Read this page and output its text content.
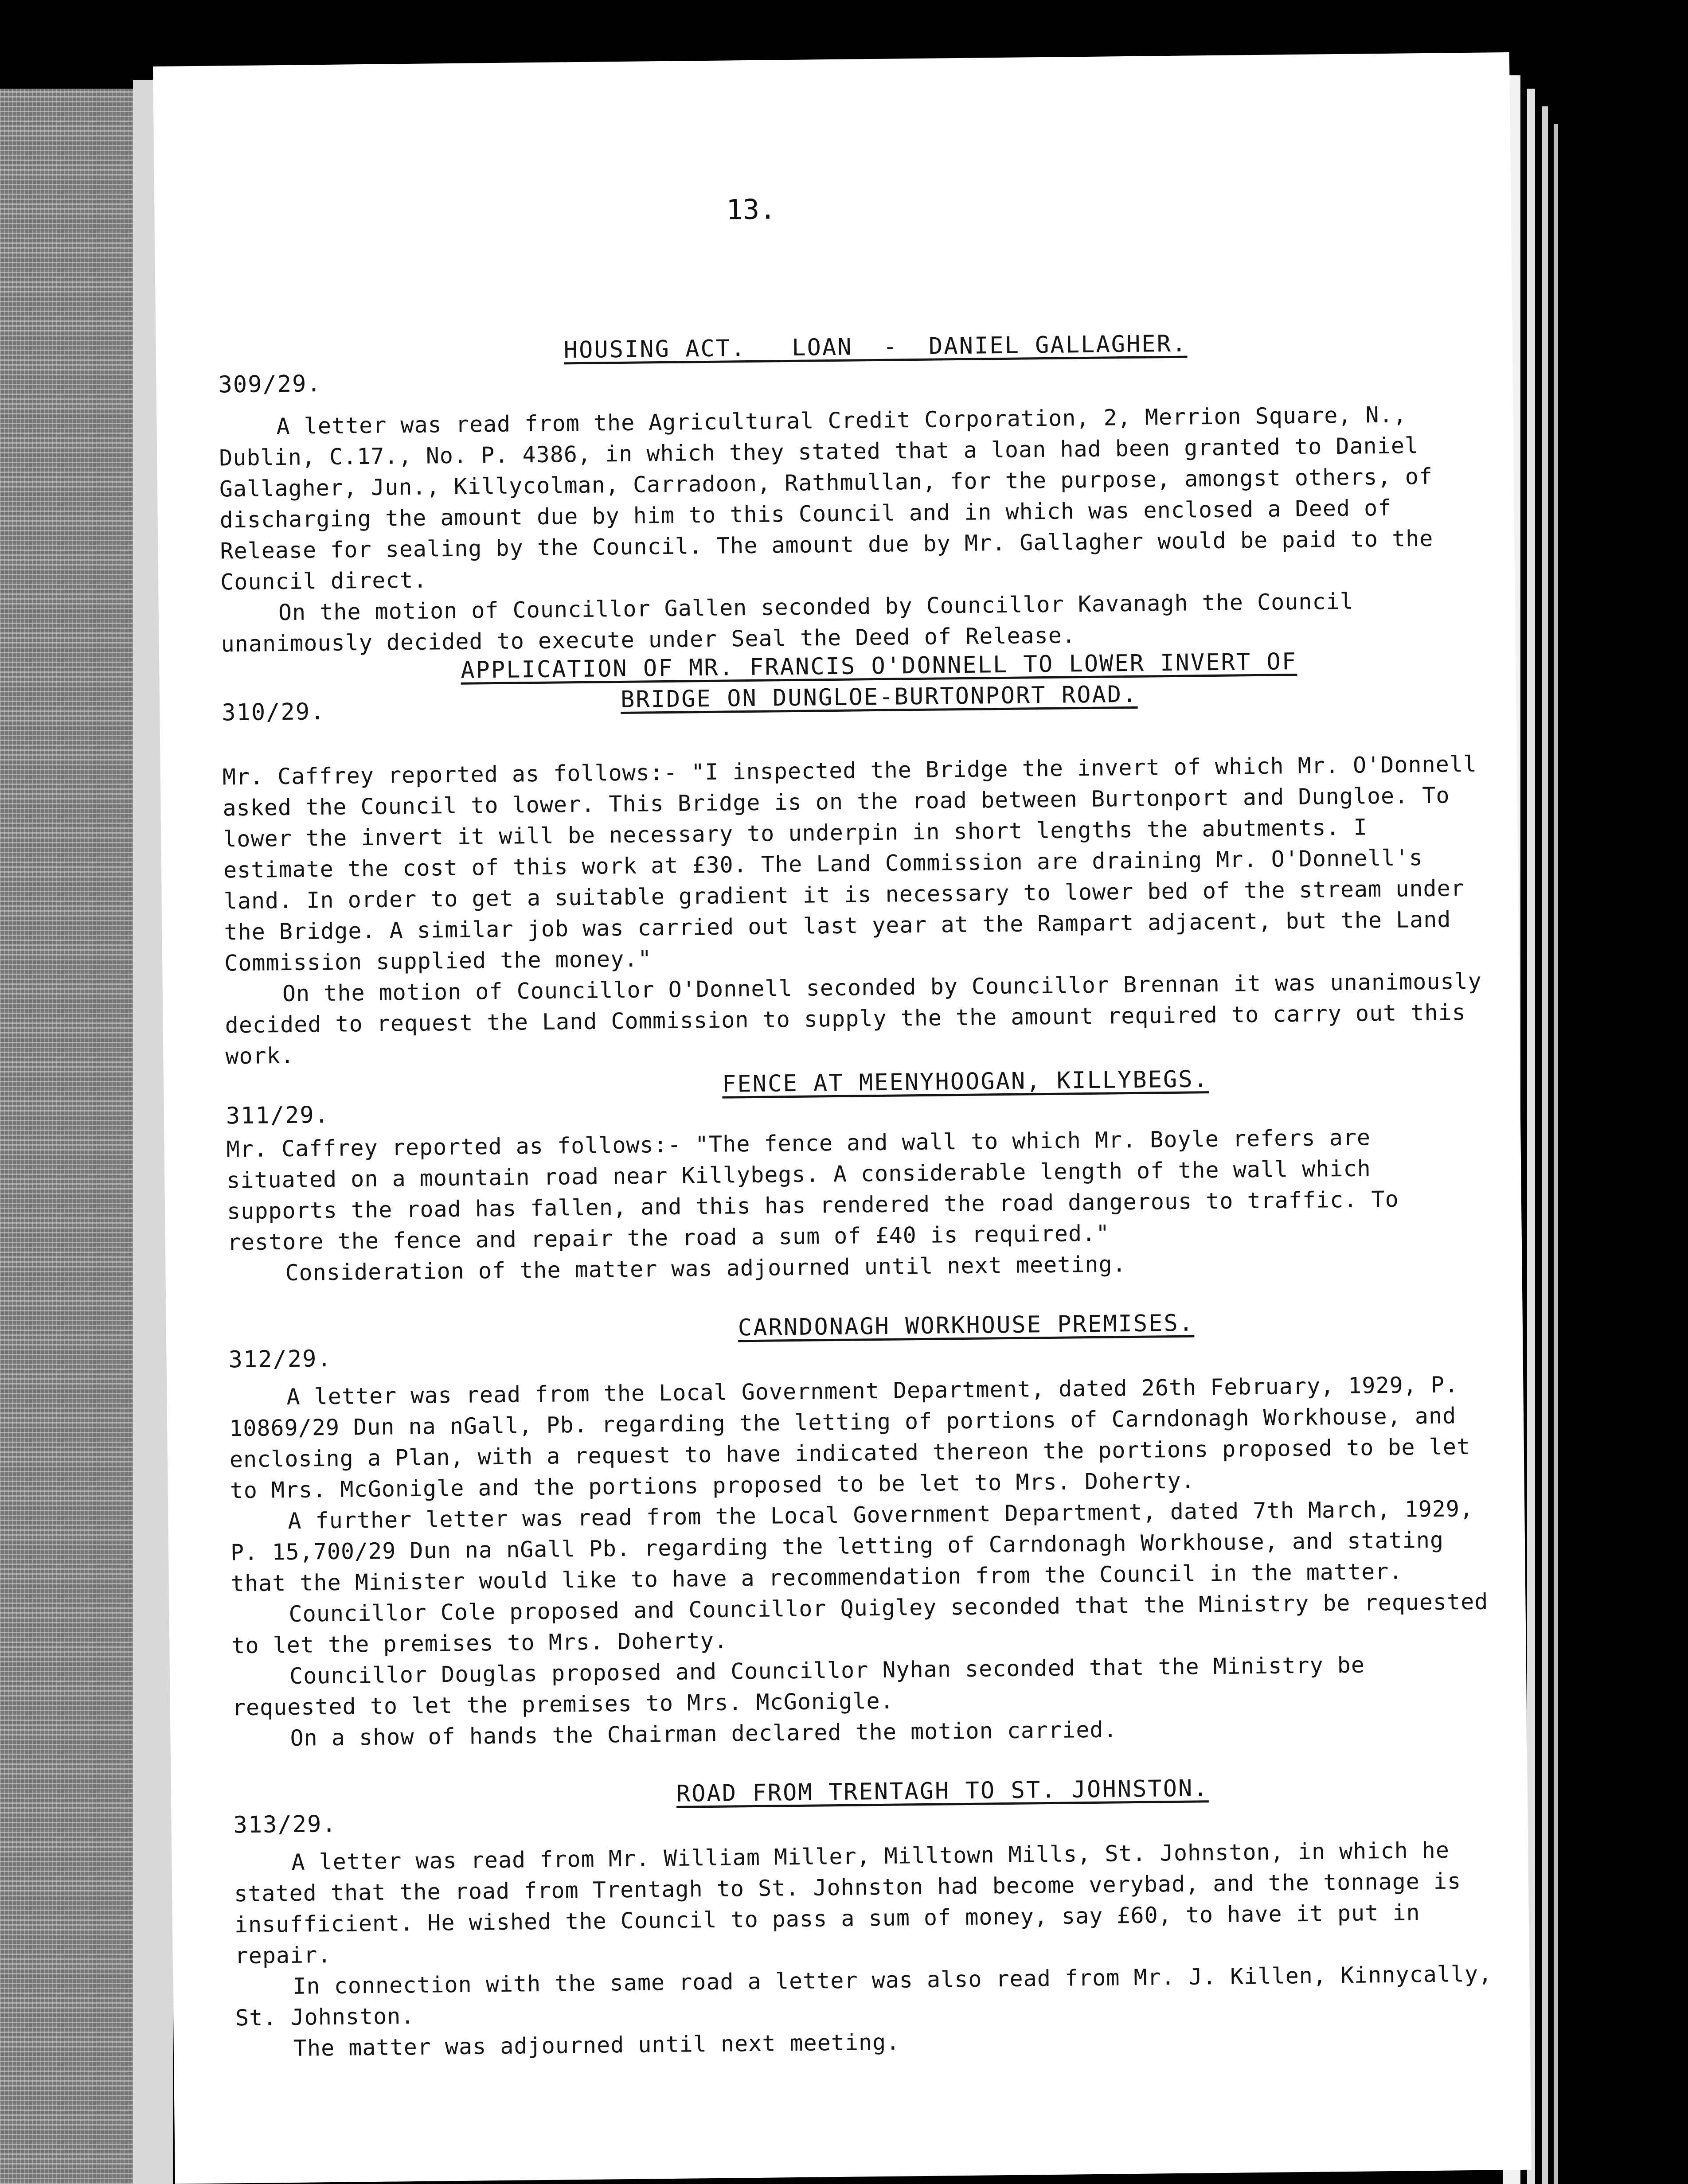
13.
309/29.
HOUSING ACT.   LOAN  -  DANIEL GALLAGHER.

A letter was read from the Agricultural Credit Corporation, 2, Merrion Square, N., Dublin, C.17., No. P. 4386, in which they stated that a loan had been granted to Daniel Gallagher, Jun., Killycolman, Carradoon, Rathmullan, for the purpose, amongst others, of discharging the amount due by him to this Council and in which was enclosed a Deed of Release for sealing by the Council. The amount due by Mr. Gallagher would be paid to the Council direct.

On the motion of Councillor Gallen seconded by Councillor Kavanagh the Council unanimously decided to execute under Seal the Deed of Release.

310/29.
APPLICATION OF MR. FRANCIS O'DONNELL TO LOWER INVERT OF
BRIDGE ON DUNGLOE-BURTONPORT ROAD.

Mr. Caffrey reported as follows:- "I inspected the Bridge the invert of which Mr. O'Donnell asked the Council to lower. This Bridge is on the road between Burtonport and Dungloe. To lower the invert it will be necessary to underpin in short lengths the abutments. I estimate the cost of this work at £30. The Land Commission are draining Mr. O'Donnell's land. In order to get a suitable gradient it is necessary to lower bed of the stream under the Bridge. A similar job was carried out last year at the Rampart adjacent, but the Land Commission supplied the money."

On the motion of Councillor O'Donnell seconded by Councillor Brennan it was unanimously decided to request the Land Commission to supply the the amount required to carry out this work.

311/29.
FENCE AT MEENYHOOGAN, KILLYBEGS.

Mr. Caffrey reported as follows:- "The fence and wall to which Mr. Boyle refers are situated on a mountain road near Killybegs. A considerable length of the wall which supports the road has fallen, and this has rendered the road dangerous to traffic. To restore the fence and repair the road a sum of £40 is required."

Consideration of the matter was adjourned until next meeting.

312/29.
CARNDONAGH WORKHOUSE PREMISES.

A letter was read from the Local Government Department, dated 26th February, 1929, P. 10869/29 Dun na nGall, Pb. regarding the letting of portions of Carndonagh Workhouse, and enclosing a Plan, with a request to have indicated thereon the portions proposed to be let to Mrs. McGonigle and the portions proposed to be let to Mrs. Doherty.

A further letter was read from the Local Government Department, dated 7th March, 1929, P. 15,700/29 Dun na nGall Pb. regarding the letting of Carndonagh Workhouse, and stating that the Minister would like to have a recommendation from the Council in the matter.

Councillor Cole proposed and Councillor Quigley seconded that the Ministry be requested to let the premises to Mrs. Doherty.

Councillor Douglas proposed and Councillor Nyhan seconded that the Ministry be requested to let the premises to Mrs. McGonigle.

On a show of hands the Chairman declared the motion carried.

313/29.
ROAD FROM TRENTAGH TO ST. JOHNSTON.

A letter was read from Mr. William Miller, Milltown Mills, St. Johnston, in which he stated that the road from Trentagh to St. Johnston had become verybad, and the tonnage is insufficient. He wished the Council to pass a sum of money, say £60, to have it put in repair.

In connection with the same road a letter was also read from Mr. J. Killen, Kinnycally, St. Johnston.

The matter was adjourned until next meeting.
